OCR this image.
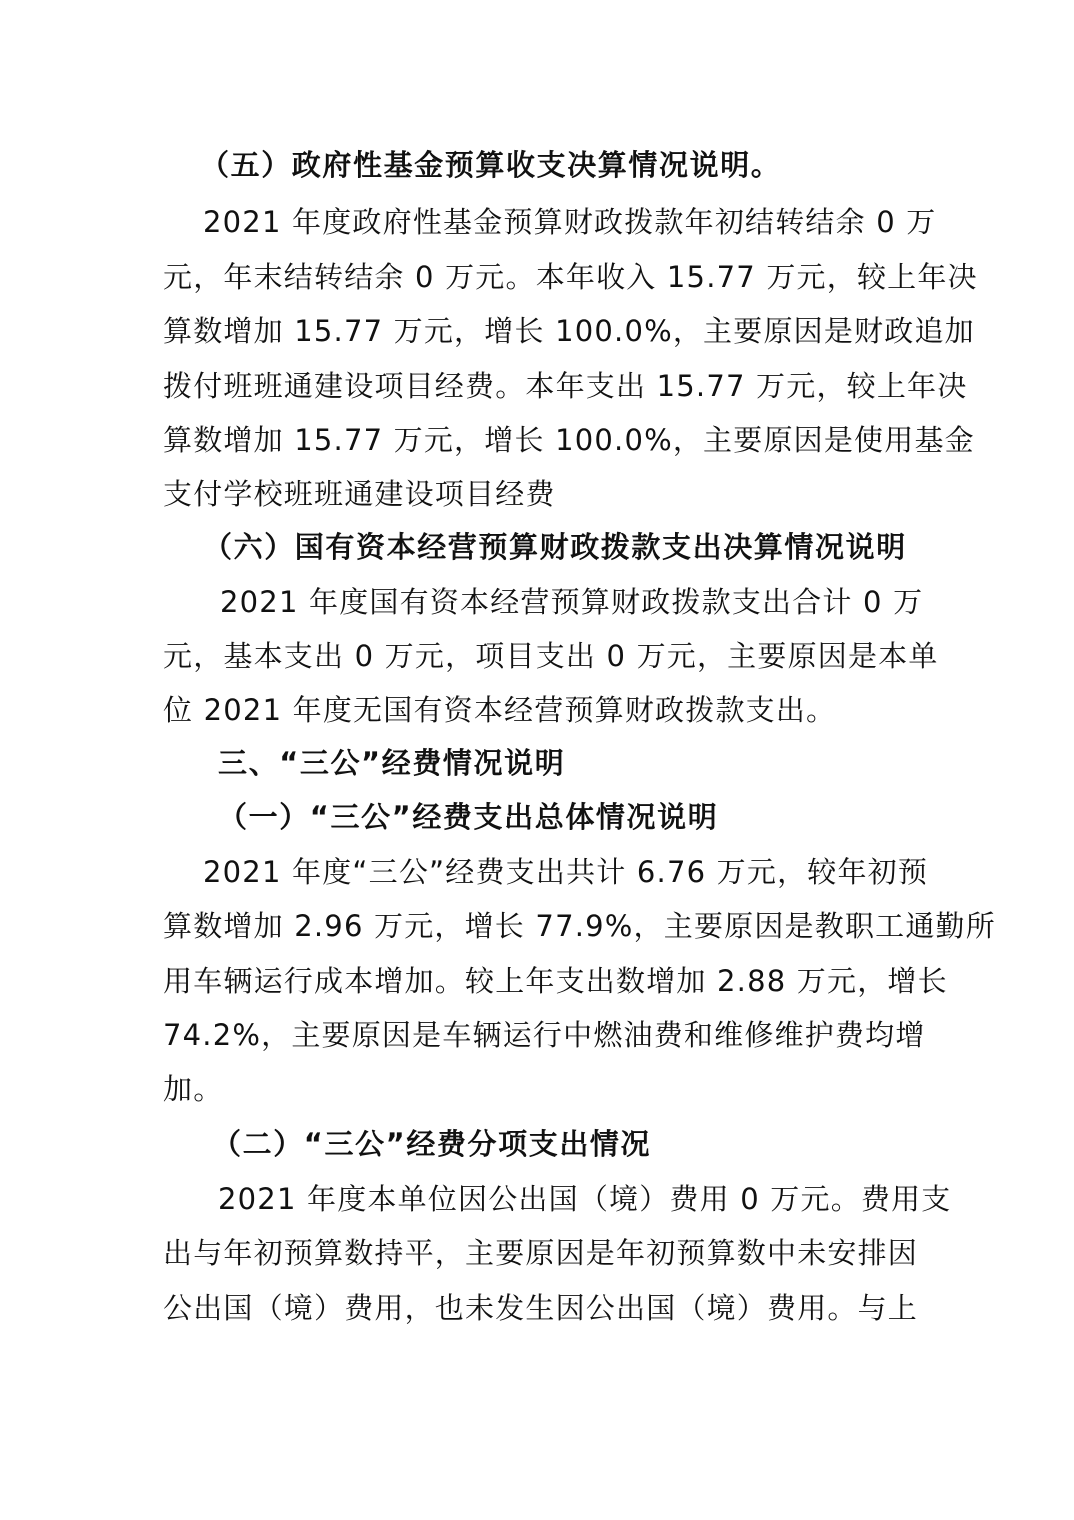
（五）政府性基金预算收支决算情况说明。
2021 年度政府性基金预算财政拨款年初结转结余 0 万
元，年末结转结余 0 万元。本年收入 15.77 万元，较上年决
算数增加 15.77 万元，增长 100.0%，主要原因是财政追加
拨付班班通建设项目经费。本年支出 15.77 万元，较上年决
算数增加 15.77 万元，增长 100.0%，主要原因是使用基金
支付学校班班通建设项目经费
（六）国有资本经营预算财政拨款支出决算情况说明
2021 年度国有资本经营预算财政拨款支出合计 0 万
元，基本支出 0 万元，项目支出 0 万元，主要原因是本单
位 2021 年度无国有资本经营预算财政拨款支出。
三、“三公”经费情况说明
（一）“三公”经费支出总体情况说明
2021 年度“三公”经费支出共计 6.76 万元，较年初预
算数增加 2.96 万元，增长 77.9%，主要原因是教职工通勤所
用车辆运行成本增加。较上年支出数增加 2.88 万元，增长
74.2%，主要原因是车辆运行中燃油费和维修维护费均增
加。
（二）“三公”经费分项支出情况
2021 年度本单位因公出国（境）费用 0 万元。费用支
出与年初预算数持平，主要原因是年初预算数中未安排因
公出国（境）费用，也未发生因公出国（境）费用。与上
